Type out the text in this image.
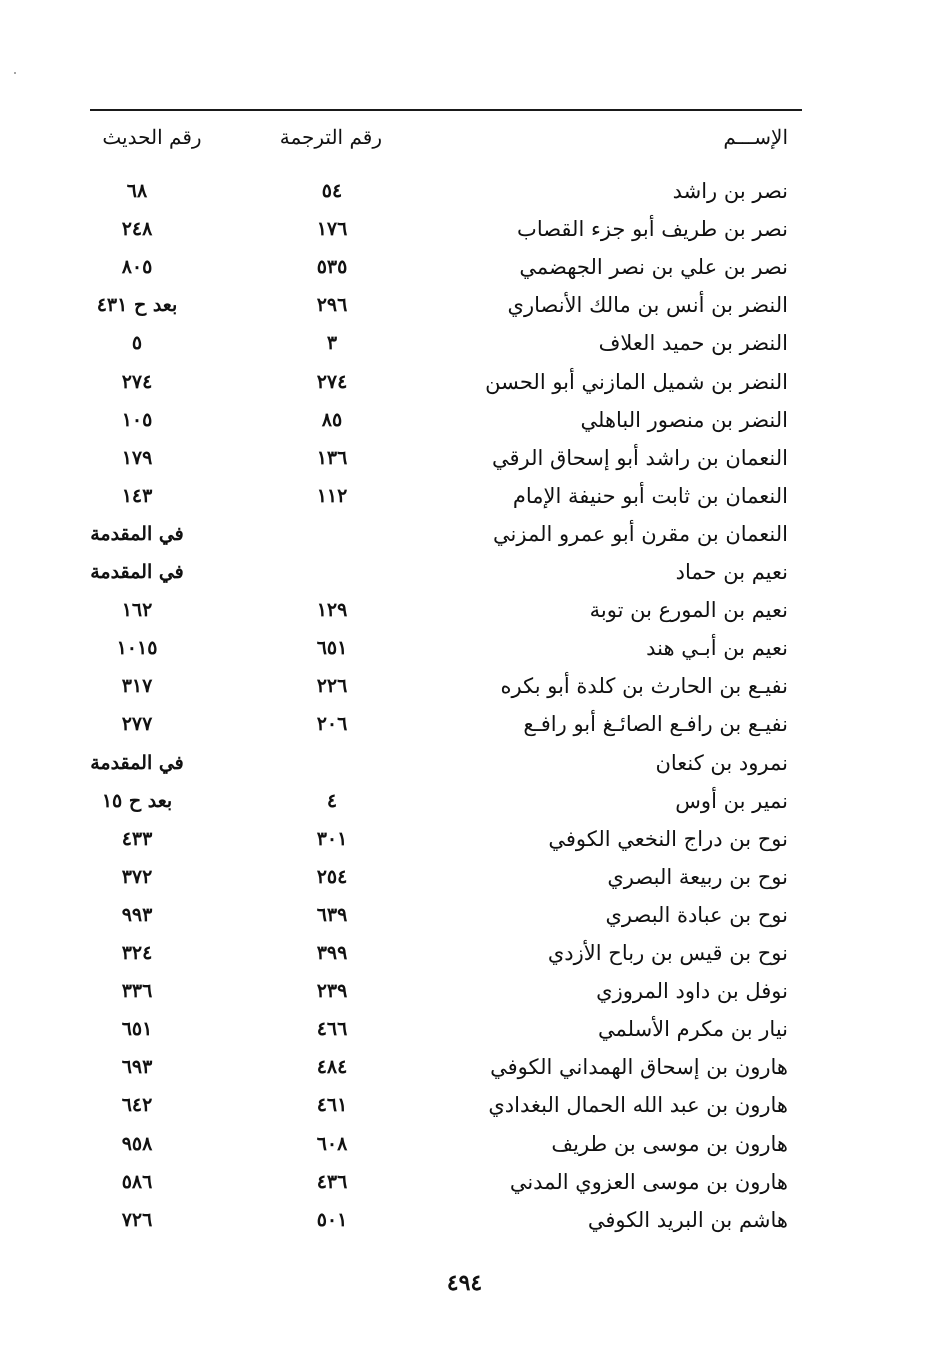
الإســـم
رقم الترجمة
رقم الحديث
نصر بن راشد
٥٤
٦٨
نصر بن طريف أبو جزء القصاب
١٧٦
٢٤٨
نصر بن علي بن نصر الجهضمي
٥٣٥
٨٠٥
النضر بن أنس بن مالك الأنصاري
٢٩٦
بعد ح ٤٣١
النضر بن حميد العلاف
٣
٥
النضر بن شميل المازني أبو الحسن
٢٧٤
٢٧٤
النضر بن منصور الباهلي
٨٥
١٠٥
النعمان بن راشد أبو إسحاق الرقي
١٣٦
١٧٩
النعمان بن ثابت أبو حنيفة الإمام
١١٢
١٤٣
النعمان بن مقرن أبو عمرو المزني
في المقدمة
نعيم بن حماد
في المقدمة
نعيم بن المورع بن توبة
١٢٩
١٦٢
نعيم بن أبـي هند
٦٥١
١٠١٥
نفيـع بن الحارث بن كلدة أبو بكره
٢٢٦
٣١٧
نفيـع بن رافـع الصائـغ أبو رافـع
٢٠٦
٢٧٧
نمرود بن كنعان
في المقدمة
نمير بن أوس
٤
بعد ح ١٥
نوح بن دراج النخعي الكوفي
٣٠١
٤٣٣
نوح بن ربيعة البصري
٢٥٤
٣٧٢
نوح بن عبادة البصري
٦٣٩
٩٩٣
نوح بن قيس بن رباح الأزدي
٣٩٩
٣٢٤
نوفل بن داود المروزي
٢٣٩
٣٣٦
نيار بن مكرم الأسلمي
٤٦٦
٦٥١
هارون بن إسحاق الهمداني الكوفي
٤٨٤
٦٩٣
هارون بن عبد الله الحمال البغدادي
٤٦١
٦٤٢
هارون بن موسى بن طريف
٦٠٨
٩٥٨
هارون بن موسى العزوي المدني
٤٣٦
٥٨٦
هاشم بن البريد الكوفي
٥٠١
٧٢٦
٤٩٤
